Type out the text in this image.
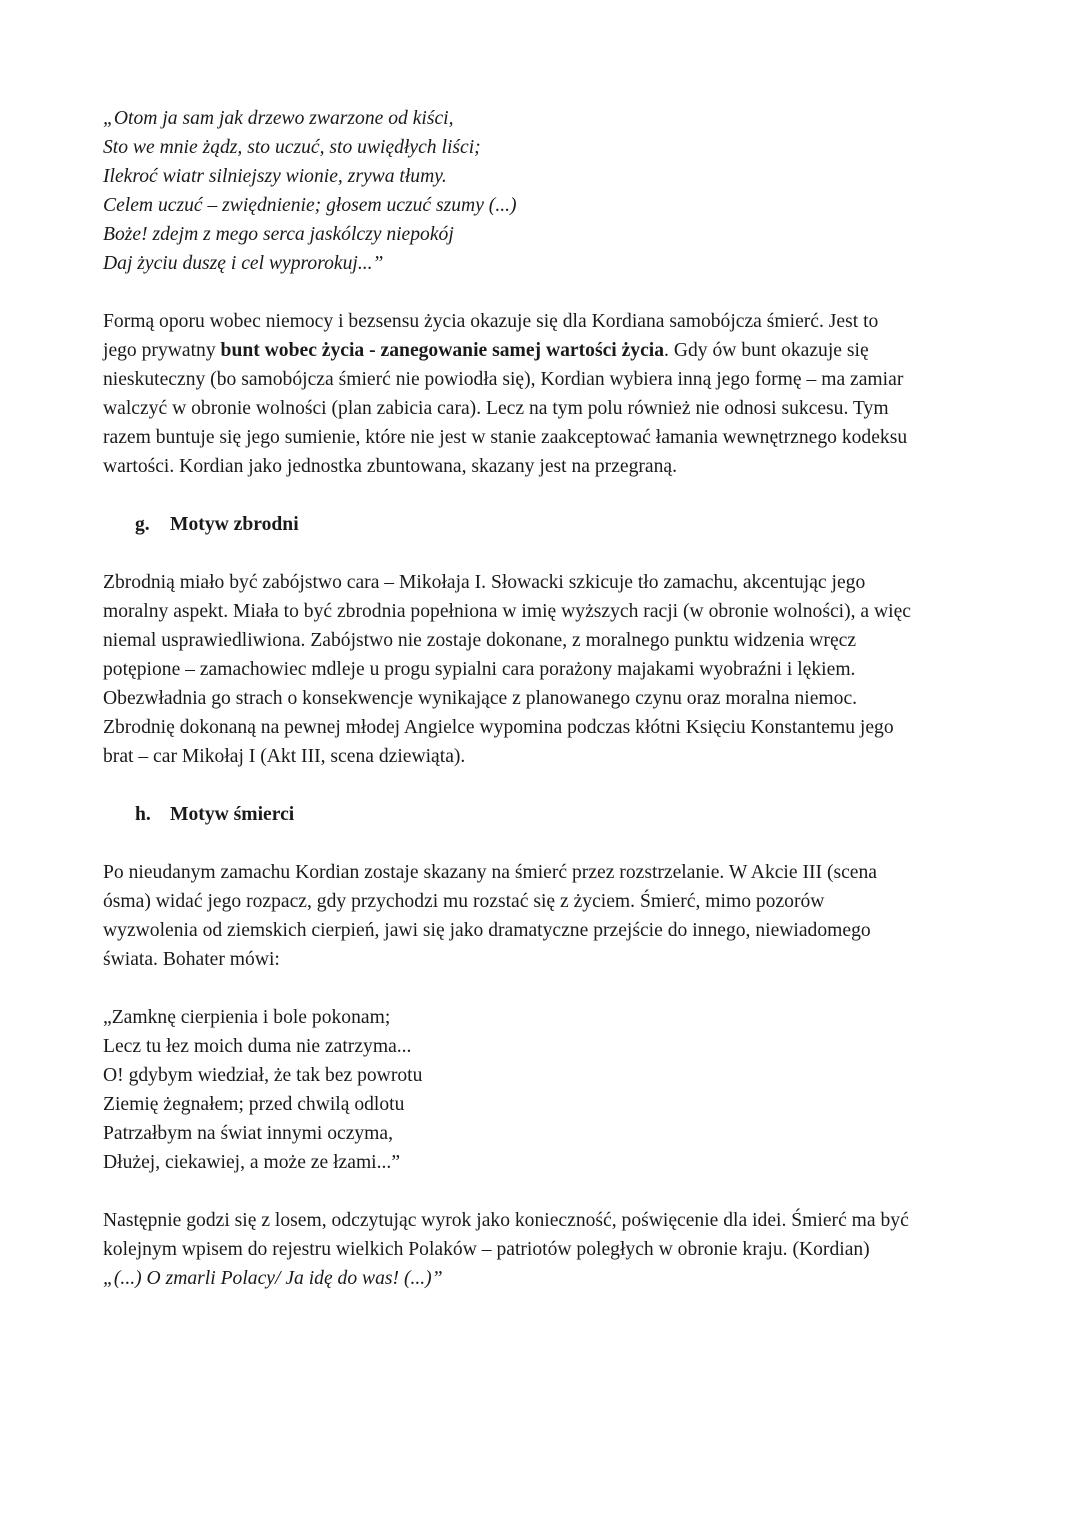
„Otom ja sam jak drzewo zwarzone od kiści,
Sto we mnie żądz, sto uczuć, sto uwiędłych liści;
Ilekroć wiatr silniejszy wionie, zrywa tłumy.
Celem uczuć – zwiędnienie; głosem uczuć szumy (...)
Boże! zdejm z mego serca jaskólczy niepokój
Daj życiu duszę i cel wyprorokuj...”
Formą oporu wobec niemocy i bezsensu życia okazuje się dla Kordiana samobójcza śmierć. Jest to
jego prywatny bunt wobec życia - zanegowanie samej wartości życia. Gdy ów bunt okazuje się
nieskuteczny (bo samobójcza śmierć nie powiodła się), Kordian wybiera inną jego formę – ma zamiar
walczyć w obronie wolności (plan zabicia cara). Lecz na tym polu również nie odnosi sukcesu. Tym
razem buntuje się jego sumienie, które nie jest w stanie zaakceptować łamania wewnętrznego kodeksu
wartości. Kordian jako jednostka zbuntowana, skazany jest na przegraną.
g.	Motyw zbrodni
Zbrodnią miało być zabójstwo cara – Mikołaja I. Słowacki szkicuje tło zamachu, akcentując jego
moralny aspekt. Miała to być zbrodnia popełniona w imię wyższych racji (w obronie wolności), a więc
niemal usprawiedliwiona. Zabójstwo nie zostaje dokonane, z moralnego punktu widzenia wręcz
potępione – zamachowiec mdleje u progu sypialni cara porażony majakami wyobraźni i lękiem.
Obezwładnia go strach o konsekwencje wynikające z planowanego czynu oraz moralna niemoc.
Zbrodnię dokonaną na pewnej młodej Angielce wypomina podczas kłótni Księciu Konstantemu jego
brat – car Mikołaj I (Akt III, scena dziewiąta).
h. Motyw śmierci
Po nieudanym zamachu Kordian zostaje skazany na śmierć przez rozstrzelanie. W Akcie III (scena
ósma) widać jego rozpacz, gdy przychodzi mu rozstać się z życiem. Śmierć, mimo pozorów
wyzwolenia od ziemskich cierpień, jawi się jako dramatyczne przejście do innego, niewiadomego
świata. Bohater mówi:
„Zamknę cierpienia i bole pokonam;
Lecz tu łez moich duma nie zatrzyma...
O! gdybym wiedział, że tak bez powrotu
Ziemię żegnałem; przed chwilą odlotu
Patrzałbym na świat innymi oczyma,
Dłużej, ciekawiej, a może ze łzami...”
Następnie godzi się z losem, odczytując wyrok jako konieczność, poświęcenie dla idei. Śmierć ma być
kolejnym wpisem do rejestru wielkich Polaków – patriotów poległych w obronie kraju. (Kordian)
„(...) O zmarli Polacy/ Ja idę do was! (...)”
